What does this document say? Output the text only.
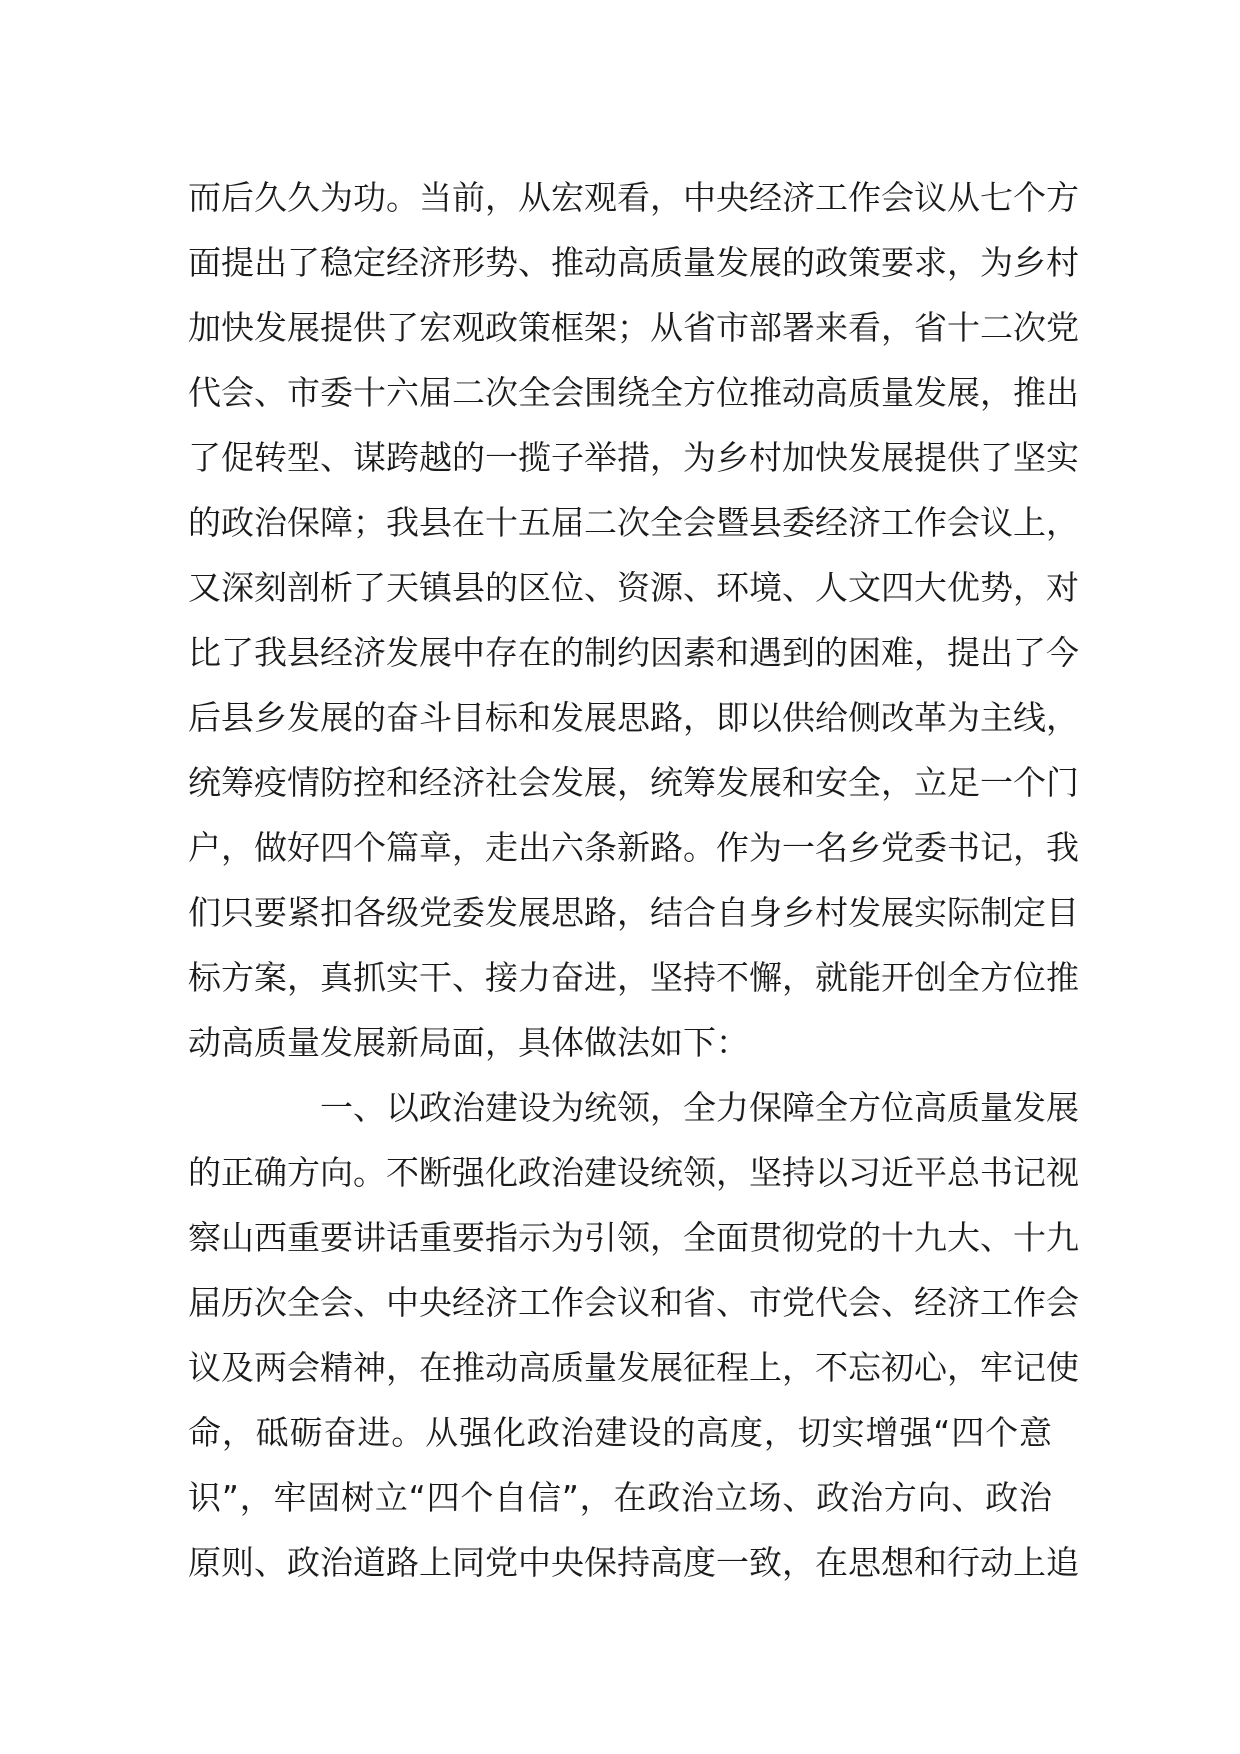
而后久久为功。当前，从宏观看，中央经济工作会议从七个方
面提出了稳定经济形势、推动高质量发展的政策要求，为乡村
加快发展提供了宏观政策框架；从省市部署来看，省十二次党
代会、市委十六届二次全会围绕全方位推动高质量发展，推出
了促转型、谋跨越的一揽子举措，为乡村加快发展提供了坚实
的政治保障；我县在十五届二次全会暨县委经济工作会议上，
又深刻剖析了天镇县的区位、资源、环境、人文四大优势，对
比了我县经济发展中存在的制约因素和遇到的困难，提出了今
后县乡发展的奋斗目标和发展思路，即以供给侧改革为主线，
统筹疫情防控和经济社会发展，统筹发展和安全，立足一个门
户，做好四个篇章，走出六条新路。作为一名乡党委书记，我
们只要紧扣各级党委发展思路，结合自身乡村发展实际制定目
标方案，真抓实干、接力奋进，坚持不懈，就能开创全方位推
动高质量发展新局面，具体做法如下：
一、以政治建设为统领，全力保障全方位高质量发展
的正确方向。不断强化政治建设统领，坚持以习近平总书记视
察山西重要讲话重要指示为引领，全面贯彻党的十九大、十九
届历次全会、中央经济工作会议和省、市党代会、经济工作会
议及两会精神，在推动高质量发展征程上，不忘初心，牢记使
命，砥砺奋进。从强化政治建设的高度，切实增强“四个意
识”，牢固树立“四个自信”，在政治立场、政治方向、政治
原则、政治道路上同党中央保持高度一致，在思想和行动上追
